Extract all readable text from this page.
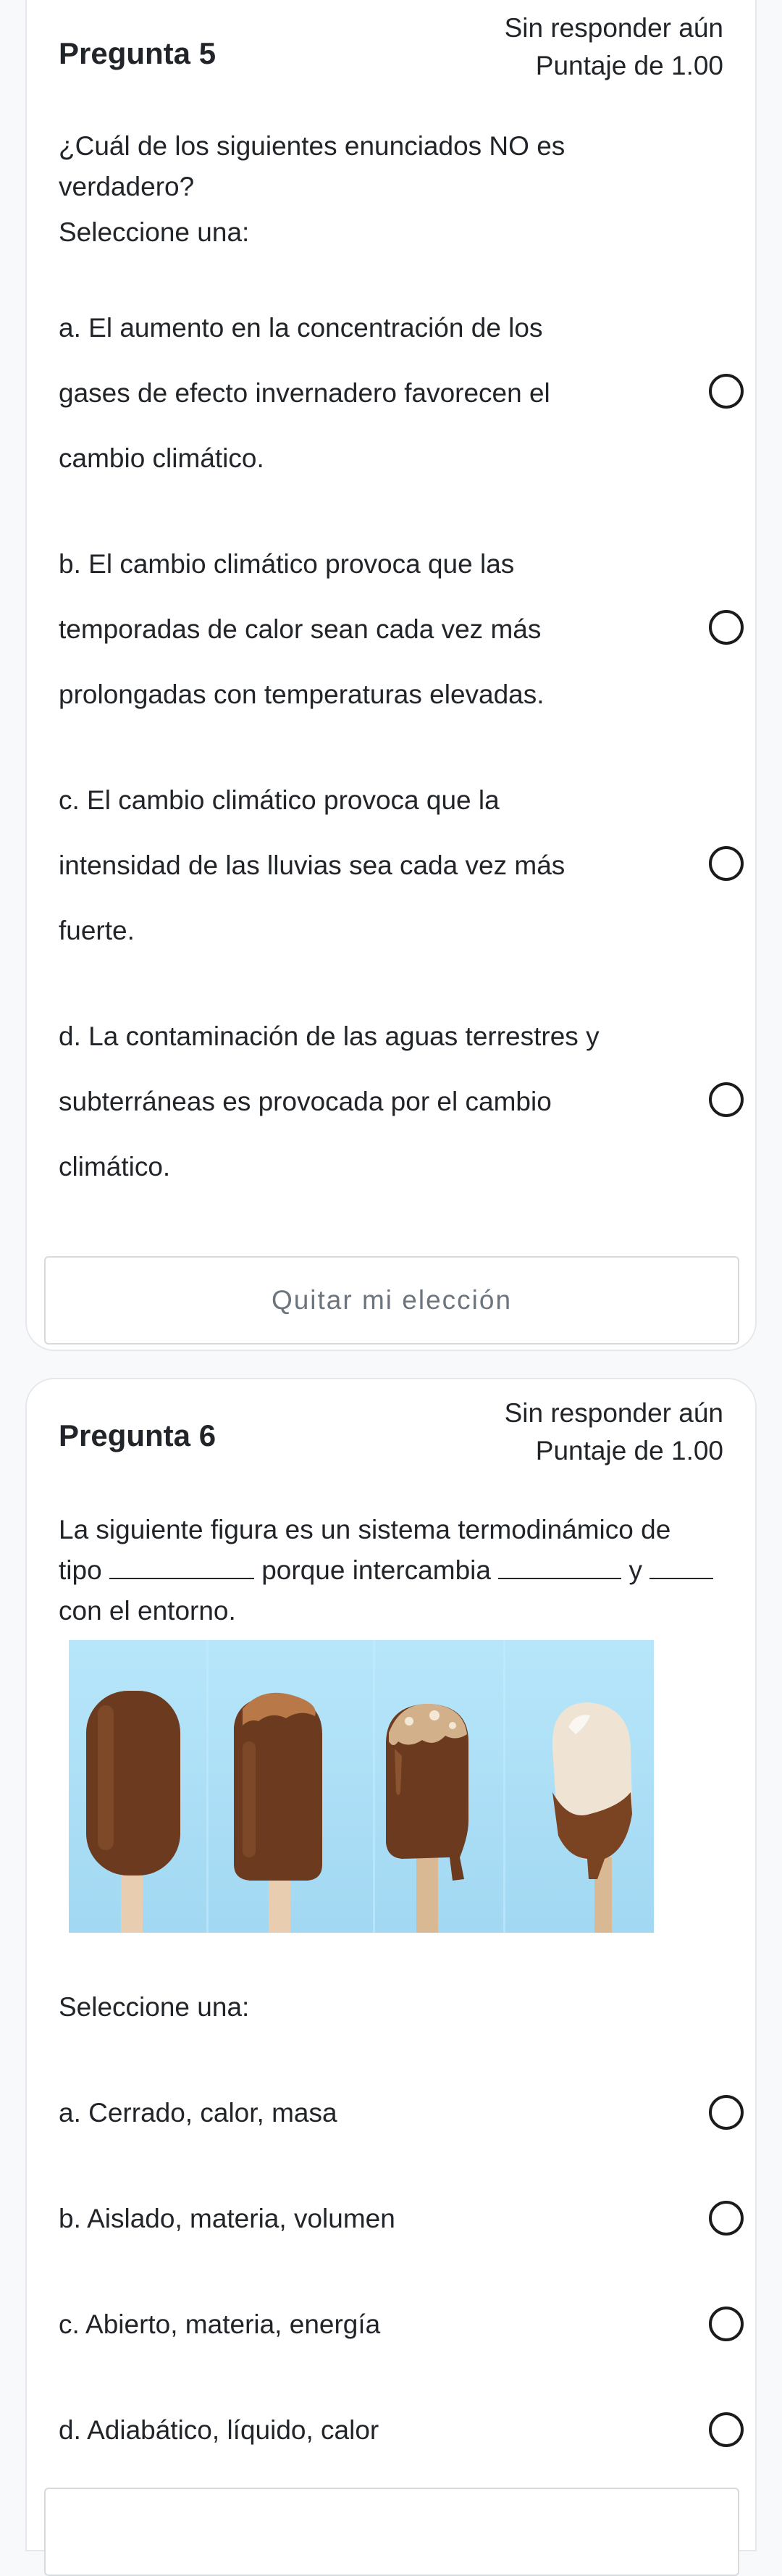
Pregunta 5
Sin responder aún
Puntaje de 1.00
¿Cuál de los siguientes enunciados NO es
verdadero?
Seleccione una:
a. El aumento en la concentración de los
gases de efecto invernadero favorecen el
cambio climático.
b. El cambio climático provoca que las
temporadas de calor sean cada vez más
prolongadas con temperaturas elevadas.
c. El cambio climático provoca que la
intensidad de las lluvias sea cada vez más
fuerte.
d. La contaminación de las aguas terrestres y
subterráneas es provocada por el cambio
climático.
Quitar mi elección
Pregunta 6
Sin responder aún
Puntaje de 1.00
La siguiente figura es un sistema termodinámico de
tipo	porque intercambia	y
con el entorno.
Seleccione una:
a. Cerrado, calor, masa
b. Aislado, materia, volumen
c. Abierto, materia, energía
d. Adiabático, líquido, calor
